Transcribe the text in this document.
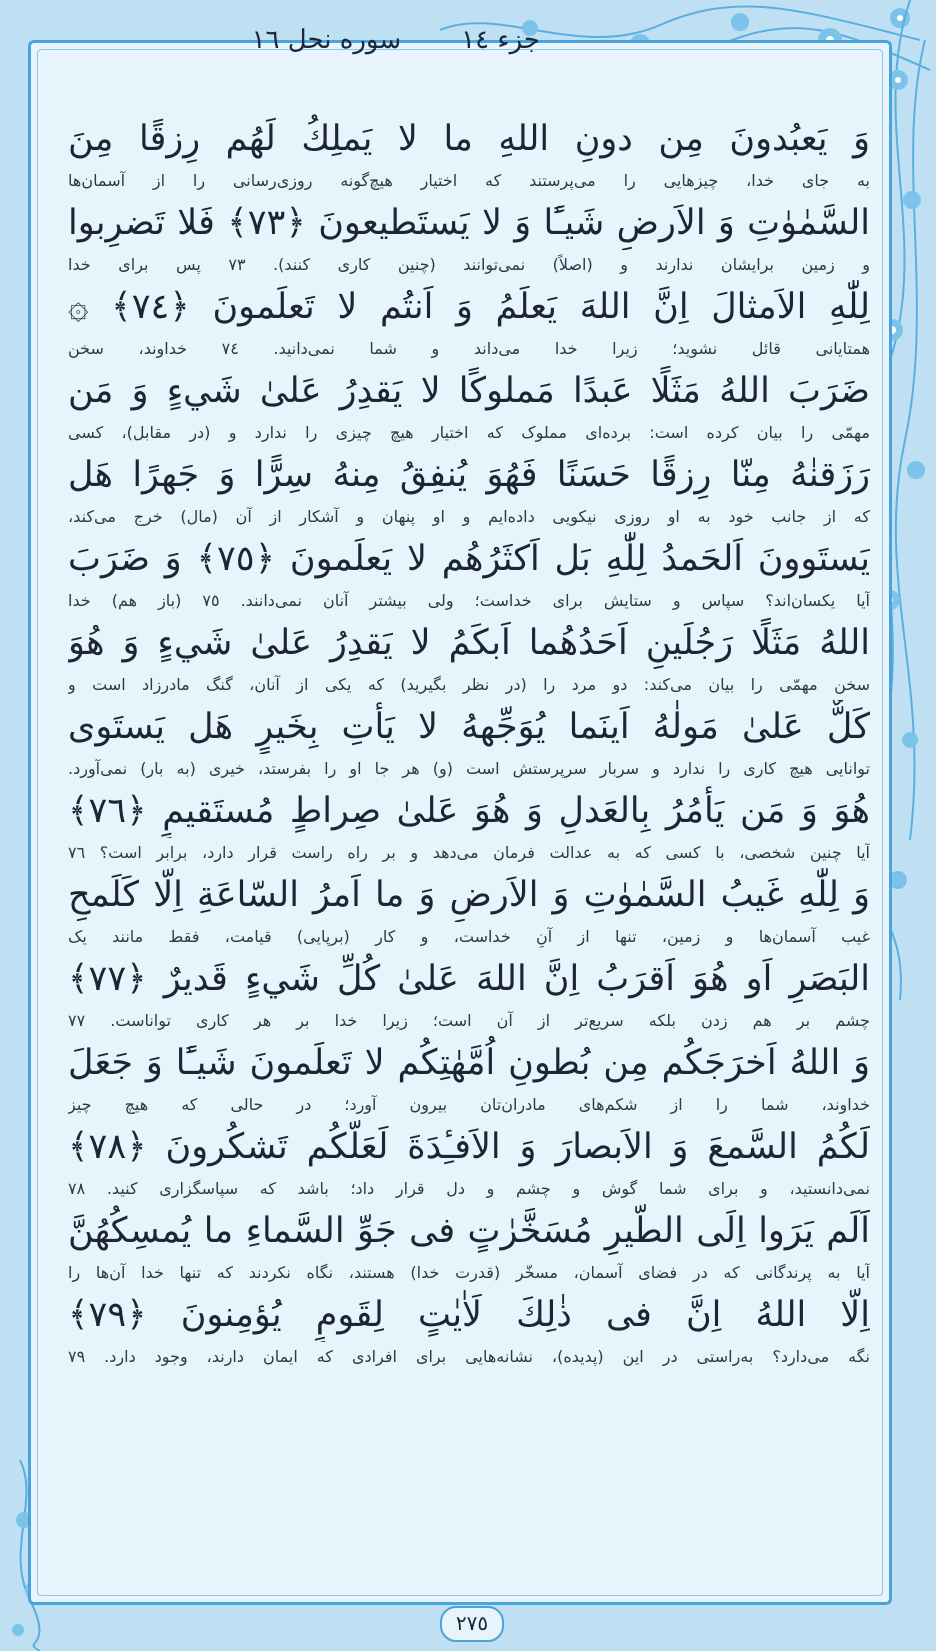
جزء ١٤
سوره نحل ١٦
وَ يَعبُدونَ مِن دونِ اللهِ ما لا يَملِكُ لَهُم رِزقًا مِنَ
به جای خدا، چیزهایی را می‌پرستند که اختیار هیچ‌گونه روزی‌رسانی را از آسمان‌ها
السَّمٰوٰتِ وَ الاَرضِ شَيـًٔا وَ لا يَستَطيعونَ ﴿٧٣﴾ فَلا تَضرِبوا
و زمین برایشان ندارند و (اصلاً) نمی‌توانند (چنین کاری کنند). ٧٣ پس برای خدا
لِلّٰهِ الاَمثالَ اِنَّ اللهَ يَعلَمُ وَ اَنتُم لا تَعلَمونَ ﴿٧٤﴾ ۞
همتایانی قائل نشوید؛ زیرا خدا می‌داند و شما نمی‌دانید. ٧٤ خداوند، سخن
ضَرَبَ اللهُ مَثَلًا عَبدًا مَملوكًا لا يَقدِرُ عَلىٰ شَيءٍ وَ مَن
مهمّی را بیان کرده است: برده‌ای مملوک که اختیار هیچ چیزی را ندارد و (در مقابل)، کسی
رَزَقنٰهُ مِنّا رِزقًا حَسَنًا فَهُوَ يُنفِقُ مِنهُ سِرًّا وَ جَهرًا هَل
که از جانب خود به او روزی نیکویی داده‌ایم و او پنهان و آشکار از آن (مال) خرج می‌کند،
يَستَوونَ اَلحَمدُ لِلّٰهِ بَل اَكثَرُهُم لا يَعلَمونَ ﴿٧٥﴾ وَ ضَرَبَ
آیا یکسان‌اند؟ سپاس و ستایش برای خداست؛ ولی بیشتر آنان نمی‌دانند. ٧٥ (باز هم) خدا
اللهُ مَثَلًا رَجُلَينِ اَحَدُهُما اَبكَمُ لا يَقدِرُ عَلىٰ شَيءٍ وَ هُوَ
سخن مهمّی را بیان می‌کند: دو مرد را (در نظر بگیرید) که یکی از آنان، گنگ مادرزاد است و
كَلٌّ عَلىٰ مَولٰهُ اَينَما يُوَجِّههُ لا يَأتِ بِخَيرٍ هَل يَستَوى
توانایی هیچ کاری را ندارد و سربار سرپرستش است (و) هر جا او را بفرستد، خیری (به بار) نمی‌آورد.
هُوَ وَ مَن يَأمُرُ بِالعَدلِ وَ هُوَ عَلىٰ صِراطٍ مُستَقيمٍ ﴿٧٦﴾
آیا چنین شخصی، با کسی که به عدالت فرمان می‌دهد و بر راه راست قرار دارد، برابر است؟ ٧٦
وَ لِلّٰهِ غَيبُ السَّمٰوٰتِ وَ الاَرضِ وَ ما اَمرُ السّاعَةِ اِلّا كَلَمحِ
غیب آسمان‌ها و زمین، تنها از آنِ خداست، و کار (برپایی) قیامت، فقط مانند یک
البَصَرِ اَو هُوَ اَقرَبُ اِنَّ اللهَ عَلىٰ كُلِّ شَيءٍ قَديرٌ ﴿٧٧﴾
چشم بر هم زدن بلکه سریع‌تر از آن است؛ زیرا خدا بر هر کاری تواناست. ٧٧
وَ اللهُ اَخرَجَكُم مِن بُطونِ اُمَّهٰتِكُم لا تَعلَمونَ شَيـًٔا وَ جَعَلَ
خداوند، شما را از شکم‌های مادران‌تان بیرون آورد؛ در حالی که هیچ چیز
لَكُمُ السَّمعَ وَ الاَبصارَ وَ الاَفـِٔدَةَ لَعَلَّكُم تَشكُرونَ ﴿٧٨﴾
نمی‌دانستید، و برای شما گوش و چشم و دل قرار داد؛ باشد که سپاسگزاری کنید. ٧٨
اَلَم يَرَوا اِلَى الطَّيرِ مُسَخَّرٰتٍ فى جَوِّ السَّماءِ ما يُمسِكُهُنَّ
آیا به پرندگانی که در فضای آسمان، مسخّر (قدرت خدا) هستند، نگاه نکردند که تنها خدا آن‌ها را
اِلَّا اللهُ اِنَّ فى ذٰلِكَ لَاٰيٰتٍ لِقَومٍ يُؤمِنونَ ﴿٧٩﴾
نگه می‌دارد؟ به‌راستی در این (پدیده)، نشانه‌هایی برای افرادی که ایمان دارند، وجود دارد. ٧٩
٢٧٥
